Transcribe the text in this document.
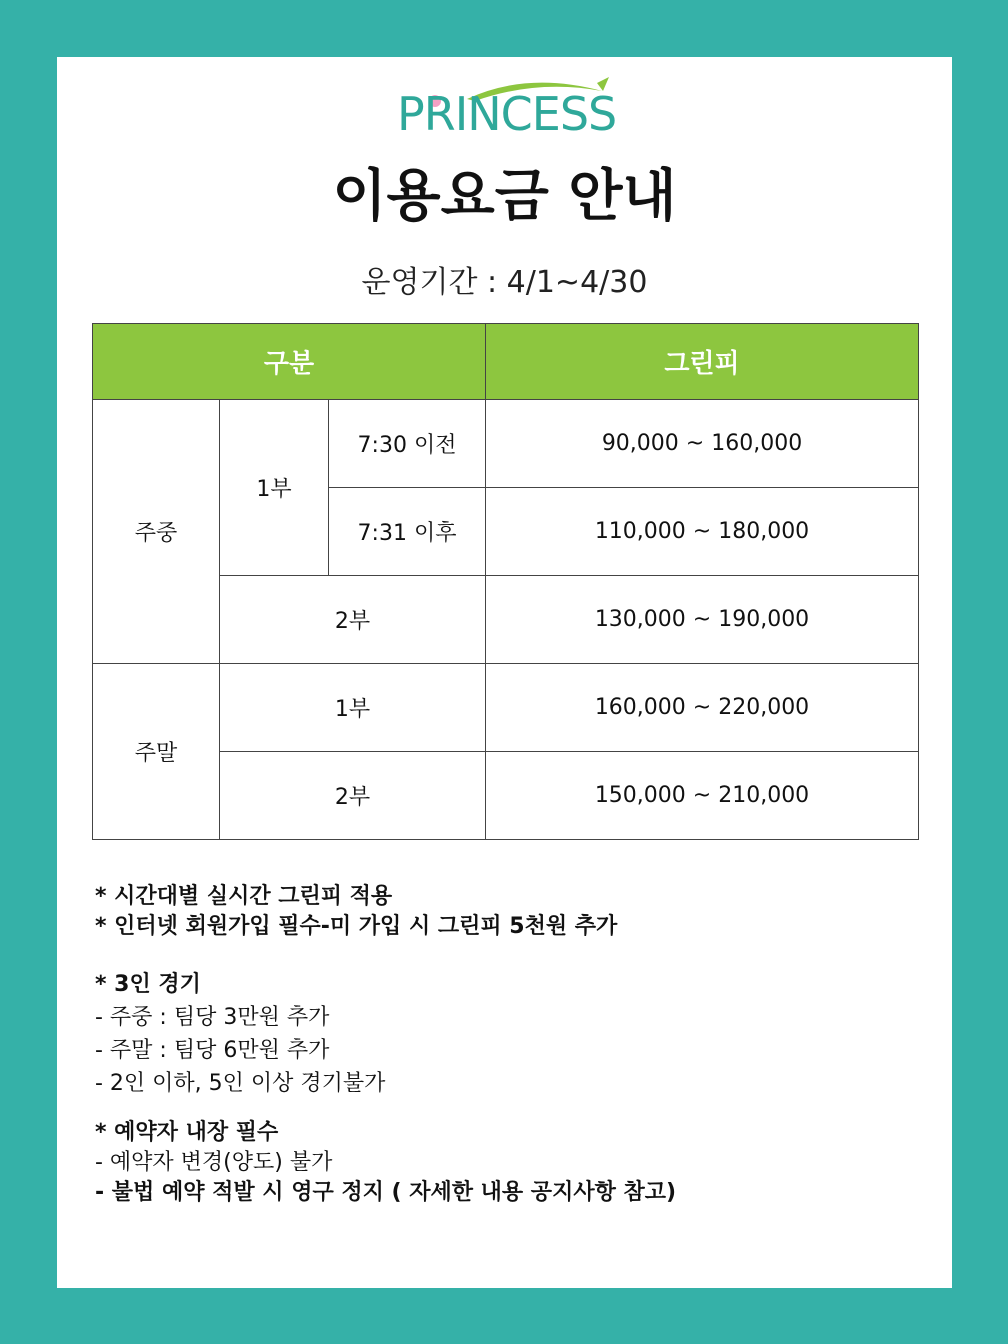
PRINCESS
이용요금 안내
운영기간 : 4/1~4/30
구분			그린피
주중	1부	7:30 이전	90,000 ~ 160,000
		7:31 이후	110,000 ~ 180,000
	2부		130,000 ~ 190,000
주말	1부		160,000 ~ 220,000
	2부		150,000 ~ 210,000
* 시간대별 실시간 그린피 적용
* 인터넷 회원가입 필수-미 가입 시 그린피 5천원 추가
* 3인 경기
- 주중 : 팀당 3만원 추가
- 주말 : 팀당 6만원 추가
- 2인 이하, 5인 이상 경기불가
* 예약자 내장 필수
- 예약자 변경(양도) 불가
- 불법 예약 적발 시 영구 정지 ( 자세한 내용 공지사항 참고)
